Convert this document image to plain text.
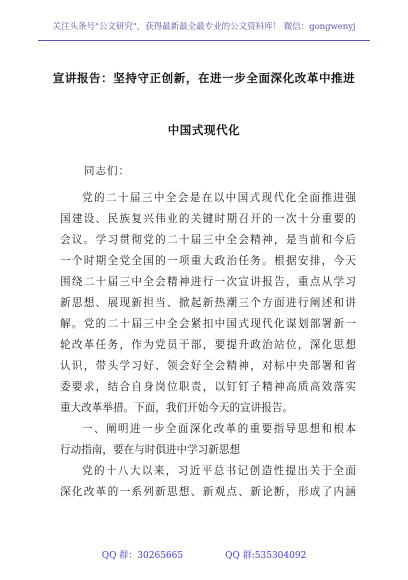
关注头条号"公文研究"，获得最新最全最专业的公文资料库！ 微信：gongwenyj
宣讲报告：坚持守正创新，在进一步全面深化改革中推进
中国式现代化
同志们：
党的二十届三中全会是在以中国式现代化全面推进强
国建设、民族复兴伟业的关键时期召开的一次十分重要的
会议。学习贯彻党的二十届三中全会精神，是当前和今后
一个时期全党全国的一项重大政治任务。根据安排，今天
围绕二十届三中全会精神进行一次宣讲报告，重点从学习
新思想、展现新担当、掀起新热潮三个方面进行阐述和讲
解。党的二十届三中全会紧扣中国式现代化谋划部署新一
轮改革任务，作为党员干部，要提升政治站位，深化思想
认识，带头学习好、领会好全会精神，对标中央部署和省
委要求，结合自身岗位职责，以钉钉子精神高质高效落实
重大改革举措。下面，我们开始今天的宣讲报告。
一、阐明进一步全面深化改革的重要指导思想和根本
行动指南，要在与时俱进中学习新思想
党的十八大以来，习近平总书记创造性提出关于全面
深化改革的一系列新思想、新观点、新论断，形成了内涵
QQ 群：30265665	QQ 群:535304092
